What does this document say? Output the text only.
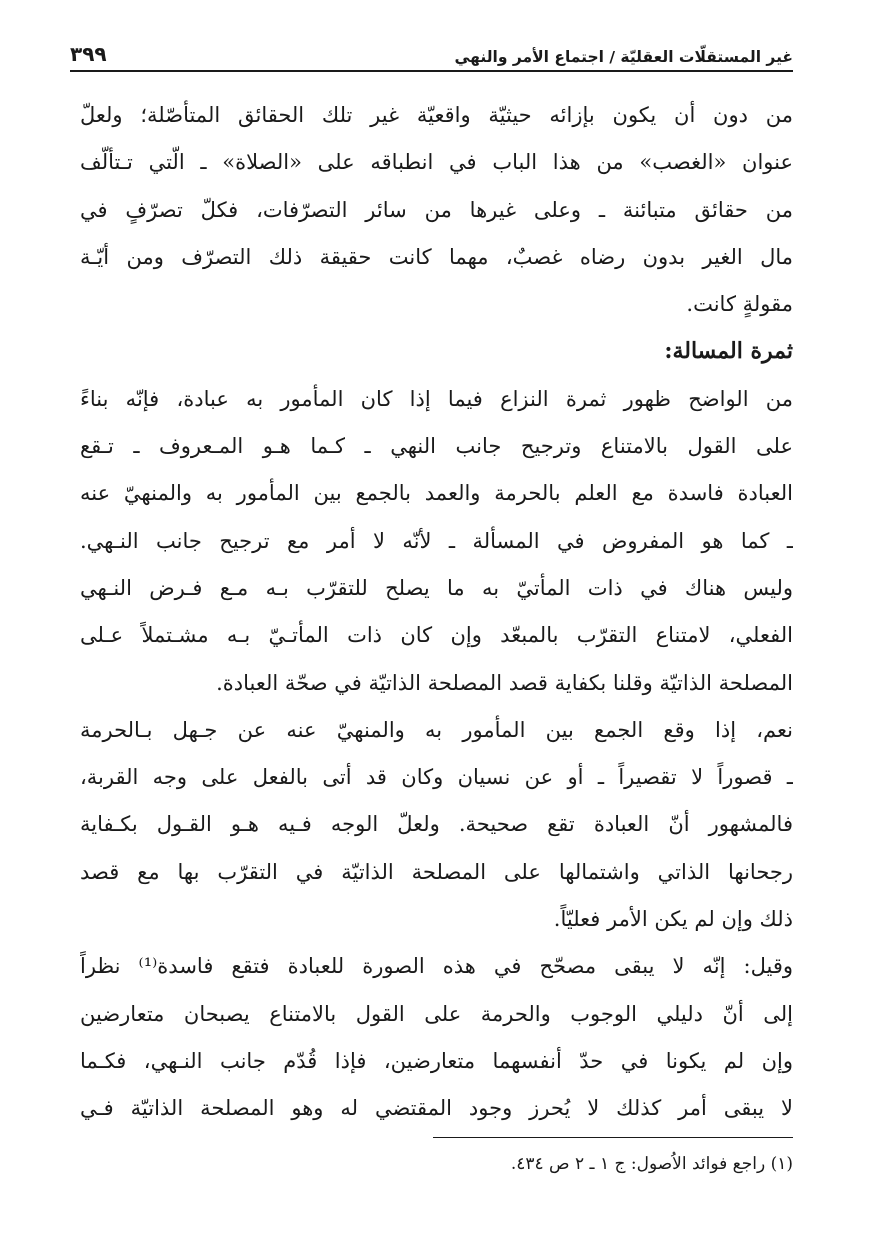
غير المستقلّات العقليّة / اجتماع الأمر والنهي
٣٩٩
من دون أن يكون بإزائه حيثيّة واقعيّة غير تلك الحقائق المتأصّلة؛ ولعلّ
عنوان «الغصب» من هذا الباب في انطباقه على «الصلاة» ـ الّتي تـتألّف
من حقائق متبائنة ـ وعلى غيرها من سائر التصرّفات، فكلّ تصرّفٍ في
مال الغير بدون رضاه غصبٌ، مهما كانت حقيقة ذلك التصرّف ومن أيّـة
مقولةٍ كانت.
ثمرة المسالة:
من الواضح ظهور ثمرة النزاع فيما إذا كان المأمور به عبادة، فإنّه بناءً
على القول بالامتناع وترجيح جانب النهي ـ كـما هـو المـعروف ـ تـقع
العبادة فاسدة مع العلم بالحرمة والعمد بالجمع بين المأمور به والمنهيّ عنه
ـ كما هو المفروض في المسألة ـ لأنّه لا أمر مع ترجيح جانب النـهي.
وليس هناك في ذات المأتيّ به ما يصلح للتقرّب بـه مـع فـرض النـهي
الفعلي، لامتناع التقرّب بالمبعّد وإن كان ذات المأتـيّ بـه مشـتملاً عـلى
المصلحة الذاتيّة وقلنا بكفاية قصد المصلحة الذاتيّة في صحّة العبادة.
نعم، إذا وقع الجمع بين المأمور به والمنهيّ عنه عن جـهل بـالحرمة
ـ قصوراً لا تقصيراً ـ أو عن نسيان وكان قد أتى بالفعل على وجه القربة،
فالمشهور أنّ العبادة تقع صحيحة. ولعلّ الوجه فـيه هـو القـول بكـفاية
رجحانها الذاتي واشتمالها على المصلحة الذاتيّة في التقرّب بها مع قصد
ذلك وإن لم يكن الأمر فعليّاً.
وقيل: إنّه لا يبقى مصحّح في هذه الصورة للعبادة فتقع فاسدة⁽¹⁾ نظراً
إلى أنّ دليلي الوجوب والحرمة على القول بالامتناع يصبحان متعارضين
وإن لم يكونا في حدّ أنفسهما متعارضين، فإذا قُدّم جانب النـهي، فكـما
لا يبقى أمر كذلك لا يُحرز وجود المقتضي له وهو المصلحة الذاتيّة فـي
(١) راجع فوائد الاُصول: ج ١ ـ ٢ ص ٤٣٤.
